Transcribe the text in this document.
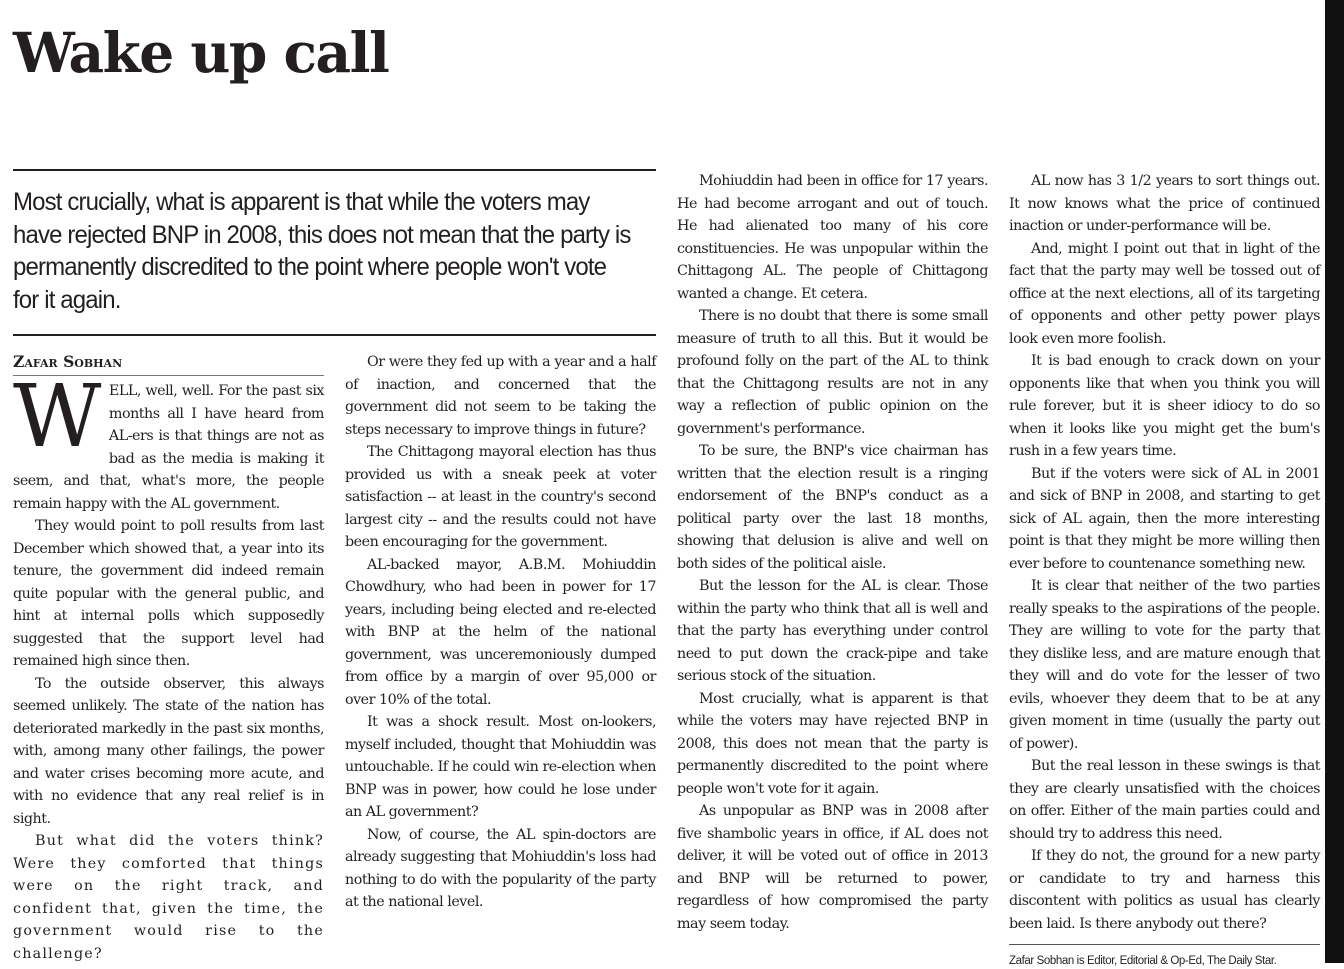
Wake up call

Most crucially, what is apparent is that while the voters may have rejected BNP in 2008, this does not mean that the party is permanently discredited to the point where people won't vote for it again.

Zafar Sobhan

WELL, well, well. For the past six months all I have heard from AL-ers is that things are not as bad as the media is making it seem, and that, what's more, the people remain happy with the AL government.

They would point to poll results from last December which showed that, a year into its tenure, the government did indeed remain quite popular with the general public, and hint at internal polls which supposedly suggested that the support level had remained high since then.

To the outside observer, this always seemed unlikely. The state of the nation has deteriorated markedly in the past six months, with, among many other failings, the power and water crises becoming more acute, and with no evidence that any real relief is in sight.

But what did the voters think? Were they comforted that things were on the right track, and confident that, given the time, the government would rise to the challenge?

Or were they fed up with a year and a half of inaction, and concerned that the government did not seem to be taking the steps necessary to improve things in future?

The Chittagong mayoral election has thus provided us with a sneak peek at voter satisfaction -- at least in the country's second largest city -- and the results could not have been encouraging for the government.

AL-backed mayor, A.B.M. Mohiuddin Chowdhury, who had been in power for 17 years, including being elected and re-elected with BNP at the helm of the national government, was unceremoniously dumped from office by a margin of over 95,000 or over 10% of the total.

It was a shock result. Most on-lookers, myself included, thought that Mohiuddin was untouchable. If he could win re-election when BNP was in power, how could he lose under an AL government?

Now, of course, the AL spin-doctors are already suggesting that Mohiuddin's loss had nothing to do with the popularity of the party at the national level.

Mohiuddin had been in office for 17 years. He had become arrogant and out of touch. He had alienated too many of his core constituencies. He was unpopular within the Chittagong AL. The people of Chittagong wanted a change. Et cetera.

There is no doubt that there is some small measure of truth to all this. But it would be profound folly on the part of the AL to think that the Chittagong results are not in any way a reflection of public opinion on the government's performance.

To be sure, the BNP's vice chairman has written that the election result is a ringing endorsement of the BNP's conduct as a political party over the last 18 months, showing that delusion is alive and well on both sides of the political aisle.

But the lesson for the AL is clear. Those within the party who think that all is well and that the party has everything under control need to put down the crack-pipe and take serious stock of the situation.

Most crucially, what is apparent is that while the voters may have rejected BNP in 2008, this does not mean that the party is permanently discredited to the point where people won't vote for it again.

As unpopular as BNP was in 2008 after five shambolic years in office, if AL does not deliver, it will be voted out of office in 2013 and BNP will be returned to power, regardless of how compromised the party may seem today.

AL now has 3 1/2 years to sort things out. It now knows what the price of continued inaction or under-performance will be.

And, might I point out that in light of the fact that the party may well be tossed out of office at the next elections, all of its targeting of opponents and other petty power plays look even more foolish.

It is bad enough to crack down on your opponents like that when you think you will rule forever, but it is sheer idiocy to do so when it looks like you might get the bum's rush in a few years time.

But if the voters were sick of AL in 2001 and sick of BNP in 2008, and starting to get sick of AL again, then the more interesting point is that they might be more willing then ever before to countenance something new.

It is clear that neither of the two parties really speaks to the aspirations of the people. They are willing to vote for the party that they dislike less, and are mature enough that they will and do vote for the lesser of two evils, whoever they deem that to be at any given moment in time (usually the party out of power).

But the real lesson in these swings is that they are clearly unsatisfied with the choices on offer. Either of the main parties could and should try to address this need.

If they do not, the ground for a new party or candidate to try and harness this discontent with politics as usual has clearly been laid. Is there anybody out there?

Zafar Sobhan is Editor, Editorial & Op-Ed, The Daily Star.
